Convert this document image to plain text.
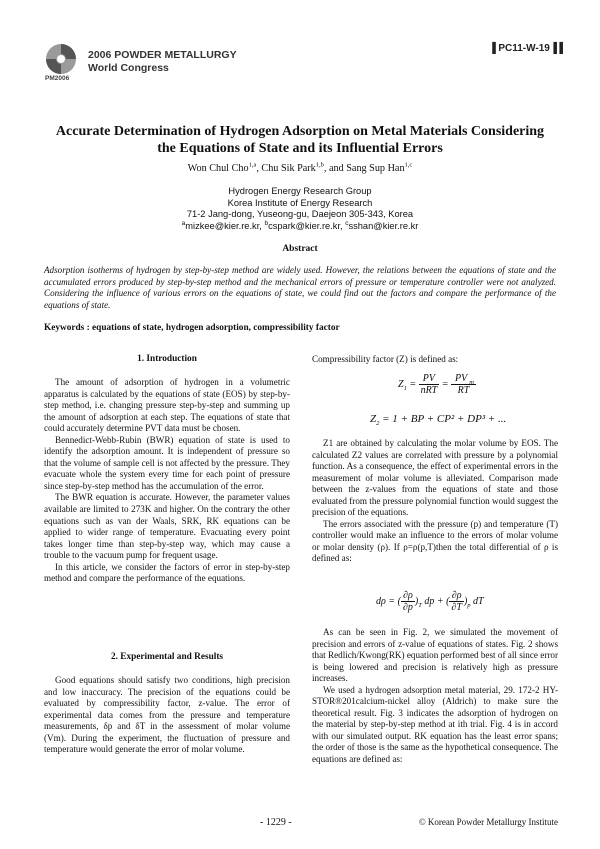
PM2006
2006 POWDER METALLURGY
World Congress
▌PC11-W-19▐▐
Accurate Determination of Hydrogen Adsorption on Metal Materials Considering
the Equations of State and its Influential Errors
Won Chul Cho$^{1,a}$, Chu Sik Park$^{1,b}$, and Sang Sup Han$^{1,c}$
Hydrogen Energy Research Group
Korea Institute of Energy Research
71-2 Jang-dong, Yuseong-gu, Daejeon 305-343, Korea
$^a$mizkee@kier.re.kr, $^b$cspark@kier.re.kr, $^c$sshan@kier.re.kr
Abstract
Adsorption isotherms of hydrogen by step-by-step method are widely used. However, the relations between the equations of state and the accumulated errors produced by step-by-step method and the mechanical errors of pressure or temperature controller were not analyzed. Considering the influence of various errors on the equations of state, we could find out the factors and compare the performance of the equations of state.
Keywords : equations of state, hydrogen adsorption, compressibility factor
1. Introduction

The amount of adsorption of hydrogen in a volumetric apparatus is calculated by the equations of state (EOS) by step-by-step method, i.e. changing pressure step-by-step and summing up the amount of adsorption at each step. The equations of state that could accurately determine PVT data must be chosen.

Bennedict-Webb-Rubin (BWR) equation of state is used to identify the adsorption amount. It is independent of pressure so that the volume of sample cell is not affected by the pressure. They evacuate whole the system every time for each point of pressure since step-by-step method has the accumulation of the error.

The BWR equation is accurate. However, the parameter values available are limited to 273K and higher. On the contrary the other equations such as van der Waals, SRK, RK equations can be applied to wider range of temperature. Evacuating every point takes longer time than step-by-step way, which may cause a trouble to the vacuum pump for frequent usage.

In this article, we consider the factors of error in step-by-step method and compare the performance of the equations.

2. Experimental and Results

Good equations should satisfy two conditions, high precision and low inaccuracy. The precision of the equations could be evaluated by compressibility factor, z-value. The error of experimental data comes from the pressure and temperature measurements, δp and δT in the assessment of molar volume (Vm). During the experiment, the fluctuation of pressure and temperature would generate the error of molar volume.

Compressibility factor (Z) is defined as:

$Z_1 = \frac{PV}{\text{nRT}} = \frac{PV _m}{RT}$
$Z_2 = 1$ + BP + CP² + DP³ + ...

Z1 are obtained by calculating the molar volume by EOS. The calculated Z2 values are correlated with pressure by a polynomial function. As a consequence, the effect of experimental errors in the measurement of molar volume is alleviated. Comparison made between the z-values from the equations of state and those evaluated from the pressure polynomial function would suggest the precision of the equations.

The errors associated with the pressure (p) and temperature (T) controller would make an influence to the errors of molar volume or molar density (ρ). If ρ=ρ(p,T)then the total differential of ρ is defined as:

dρ = ( $\frac{\partial\rho}{\partial p} )_T$ dp + ( $\frac{\partial\rho}{\partial T} )_p$ dT

As can be seen in Fig. 2, we simulated the movement of precision and errors of z-value of equations of states. Fig. 2 shows that Redlich/Kwong(RK) equation performed best of all since error is being lowered and precision is relatively high as pressure increases.

We used a hydrogen adsorption metal material, 29. 172-2 HY-STOR®201calcium-nickel alloy (Aldrich) to make sure the theoretical result. Fig. 3 indicates the adsorption of hydrogen on the material by step-by-step method at ith trial. Fig. 4 is in accord with our simulated output. RK equation has the least error spans; the order of those is the same as the hypothetical consequence. The equations are defined as:

- 1229 -	© Korean Powder Metallurgy Institute
